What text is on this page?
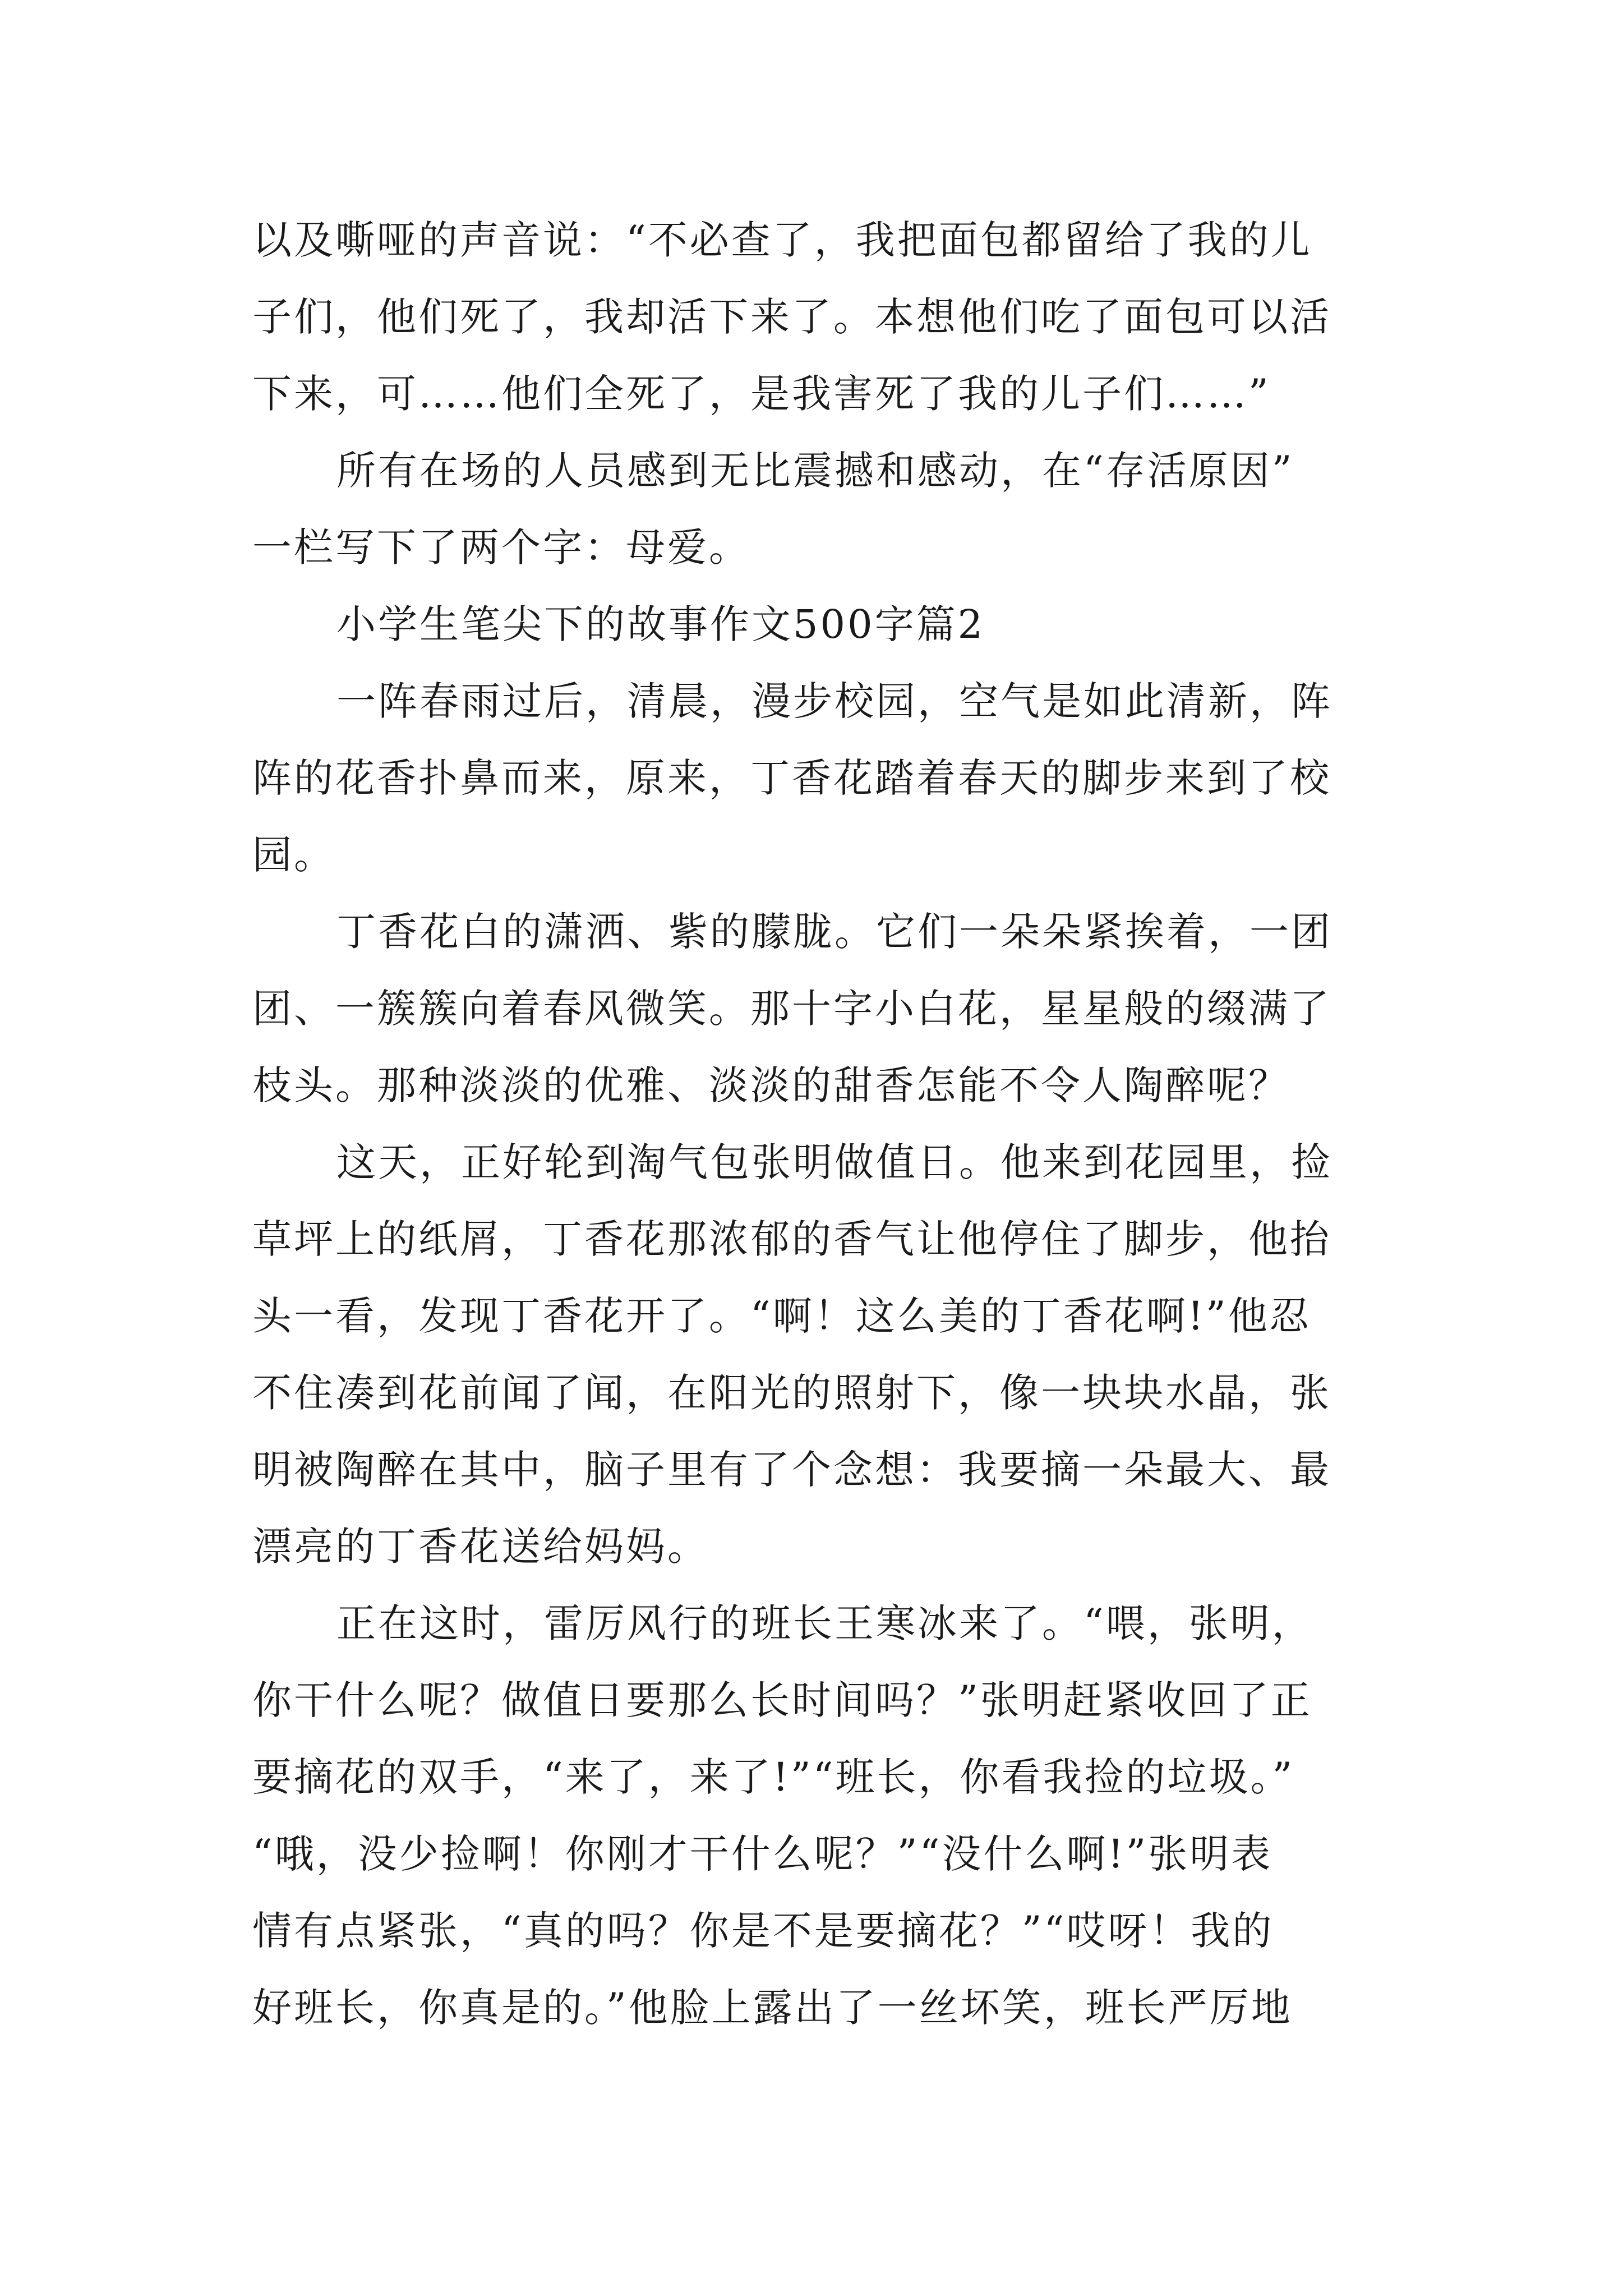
以及嘶哑的声音说：“不必查了，我把面包都留给了我的儿
子们，他们死了，我却活下来了。本想他们吃了面包可以活
下来，可……他们全死了，是我害死了我的儿子们……”
所有在场的人员感到无比震撼和感动，在“存活原因”
一栏写下了两个字：母爱。
小学生笔尖下的故事作文500字篇2
一阵春雨过后，清晨，漫步校园，空气是如此清新，阵
阵的花香扑鼻而来，原来，丁香花踏着春天的脚步来到了校
园。
丁香花白的潇洒、紫的朦胧。它们一朵朵紧挨着，一团
团、一簇簇向着春风微笑。那十字小白花，星星般的缀满了
枝头。那种淡淡的优雅、淡淡的甜香怎能不令人陶醉呢？
这天，正好轮到淘气包张明做值日。他来到花园里，捡
草坪上的纸屑，丁香花那浓郁的香气让他停住了脚步，他抬
头一看，发现丁香花开了。“啊！这么美的丁香花啊!”他忍
不住凑到花前闻了闻，在阳光的照射下，像一块块水晶，张
明被陶醉在其中，脑子里有了个念想：我要摘一朵最大、最
漂亮的丁香花送给妈妈。
正在这时，雷厉风行的班长王寒冰来了。“喂，张明，
你干什么呢？做值日要那么长时间吗？”张明赶紧收回了正
要摘花的双手，“来了，来了!”“班长，你看我捡的垃圾。”
“哦，没少捡啊！你刚才干什么呢？”“没什么啊!”张明表
情有点紧张，“真的吗？你是不是要摘花？”“哎呀！我的
好班长，你真是的。”他脸上露出了一丝坏笑，班长严厉地
